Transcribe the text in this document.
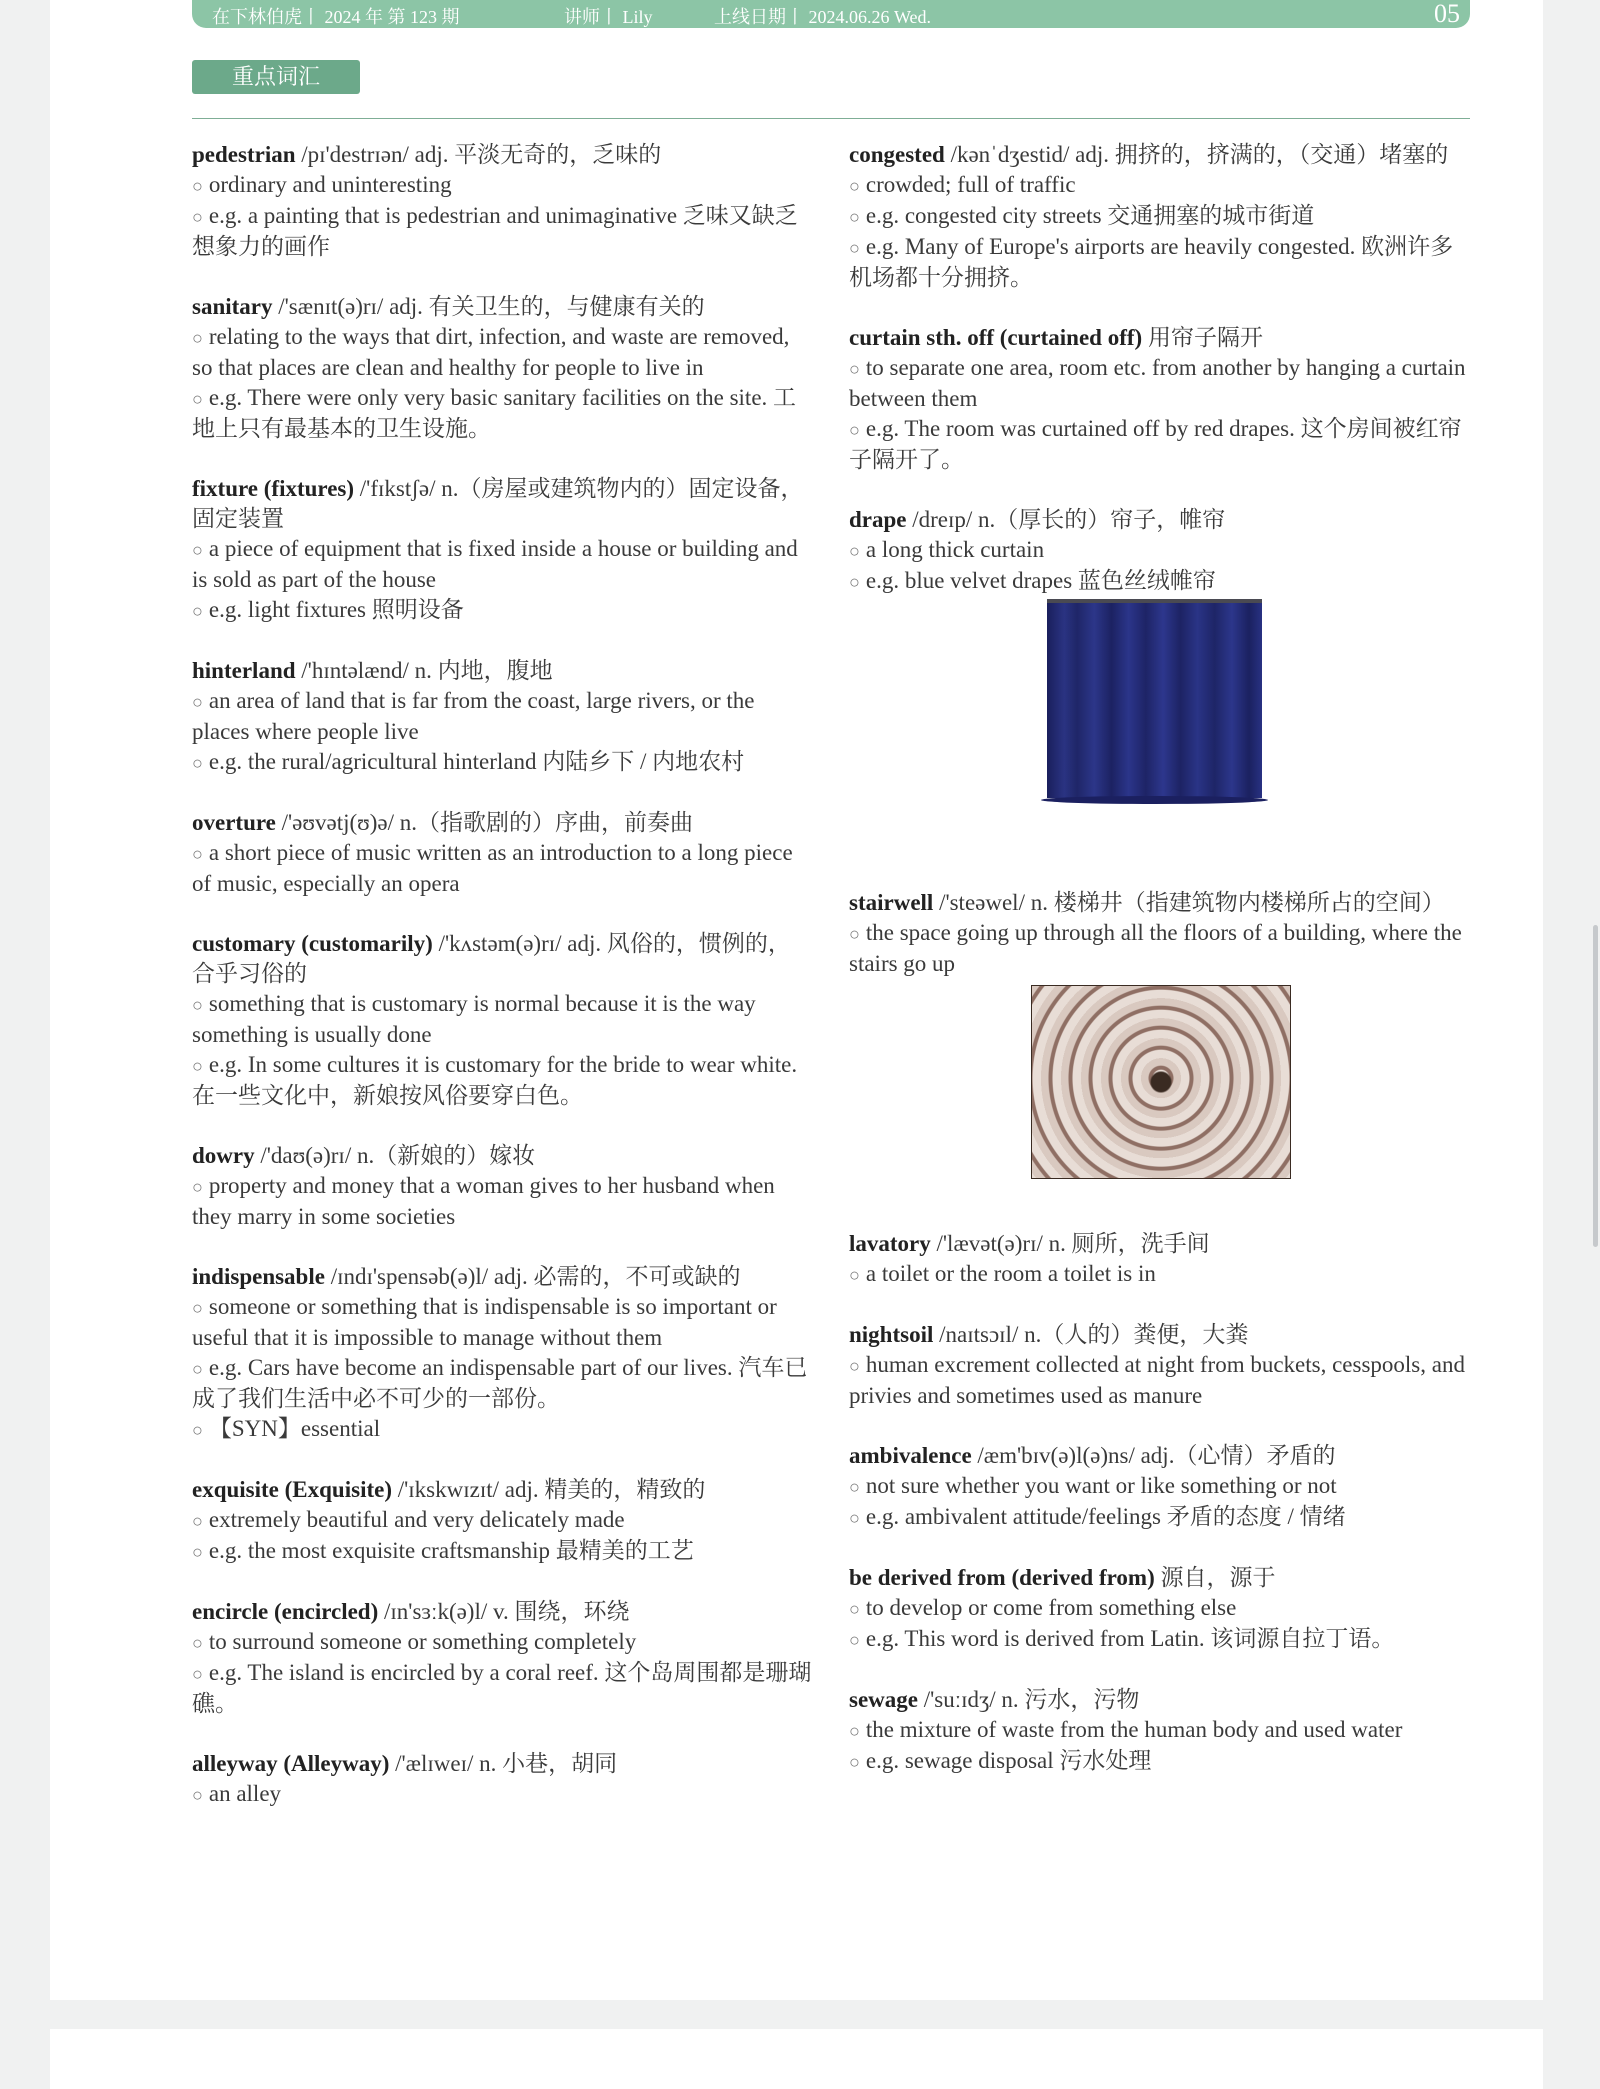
在下林伯虎丨 2024 年 第 123 期	讲师丨 Lily	上线日期丨 2024.06.26 Wed.	05
重点词汇

pedestrian /pɪ'destrɪən/ adj. 平淡无奇的，乏味的

○ ordinary and uninteresting

○ e.g. a painting that is pedestrian and unimaginative 乏味又缺乏想象力的画作

sanitary /'sænɪt(ə)rɪ/ adj. 有关卫生的，与健康有关的

○ relating to the ways that dirt, infection, and waste are removed, so that places are clean and healthy for people to live in

○ e.g. There were only very basic sanitary facilities on the site. 工地上只有最基本的卫生设施。

fixture (fixtures) /'fɪkstʃə/ n.（房屋或建筑物内的）固定设备，固定装置

○ a piece of equipment that is fixed inside a house or building and is sold as part of the house

○ e.g. light fixtures 照明设备

hinterland /'hɪntəlænd/ n. 内地，腹地

○ an area of land that is far from the coast, large rivers, or the places where people live

○ e.g. the rural/agricultural hinterland 内陆乡下 / 内地农村

overture /'əʊvətj(ʊ)ə/ n.（指歌剧的）序曲，前奏曲

○ a short piece of music written as an introduction to a long piece of music, especially an opera

customary (customarily) /'kʌstəm(ə)rɪ/ adj. 风俗的，惯例的，合乎习俗的

○ something that is customary is normal because it is the way something is usually done

○ e.g. In some cultures it is customary for the bride to wear white. 在一些文化中，新娘按风俗要穿白色。

dowry /'daʊ(ə)rɪ/ n.（新娘的）嫁妆

○ property and money that a woman gives to her husband when they marry in some societies

indispensable /ɪndɪ'spensəb(ə)l/ adj. 必需的，不可或缺的

○ someone or something that is indispensable is so important or useful that it is impossible to manage without them

○ e.g. Cars have become an indispensable part of our lives. 汽车已成了我们生活中必不可少的一部份。

○ 【SYN】essential

exquisite (Exquisite) /'ɪkskwɪzɪt/ adj. 精美的，精致的

○ extremely beautiful and very delicately made

○ e.g. the most exquisite craftsmanship 最精美的工艺

encircle (encircled) /ɪn'sɜːk(ə)l/ v. 围绕，环绕

○ to surround someone or something completely

○ e.g. The island is encircled by a coral reef. 这个岛周围都是珊瑚礁。

alleyway (Alleyway) /'ælɪweɪ/ n. 小巷，胡同

○ an alley

congested /kənˈdʒestid/ adj. 拥挤的，挤满的，（交通）堵塞的

○ crowded; full of traffic

○ e.g. congested city streets 交通拥塞的城市街道

○ e.g. Many of Europe's airports are heavily congested. 欧洲许多机场都十分拥挤。

curtain sth. off (curtained off) 用帘子隔开

○ to separate one area, room etc. from another by hanging a curtain between them

○ e.g. The room was curtained off by red drapes. 这个房间被红帘子隔开了。

drape /dreɪp/ n.（厚长的）帘子，帷帘

○ a long thick curtain

○ e.g. blue velvet drapes 蓝色丝绒帷帘

stairwell /'steəwel/ n. 楼梯井（指建筑物内楼梯所占的空间）

○ the space going up through all the floors of a building, where the stairs go up

lavatory /'lævət(ə)rɪ/ n. 厕所，洗手间

○ a toilet or the room a toilet is in

nightsoil /naɪtsɔɪl/ n.（人的）粪便，大粪

○ human excrement collected at night from buckets, cesspools, and privies and sometimes used as manure

ambivalence /æm'bɪv(ə)l(ə)ns/ adj.（心情）矛盾的

○ not sure whether you want or like something or not

○ e.g. ambivalent attitude/feelings 矛盾的态度 / 情绪

be derived from (derived from) 源自，源于

○ to develop or come from something else

○ e.g. This word is derived from Latin. 该词源自拉丁语。

sewage /'suːɪdʒ/ n. 污水，污物

○ the mixture of waste from the human body and used water

○ e.g. sewage disposal 污水处理
